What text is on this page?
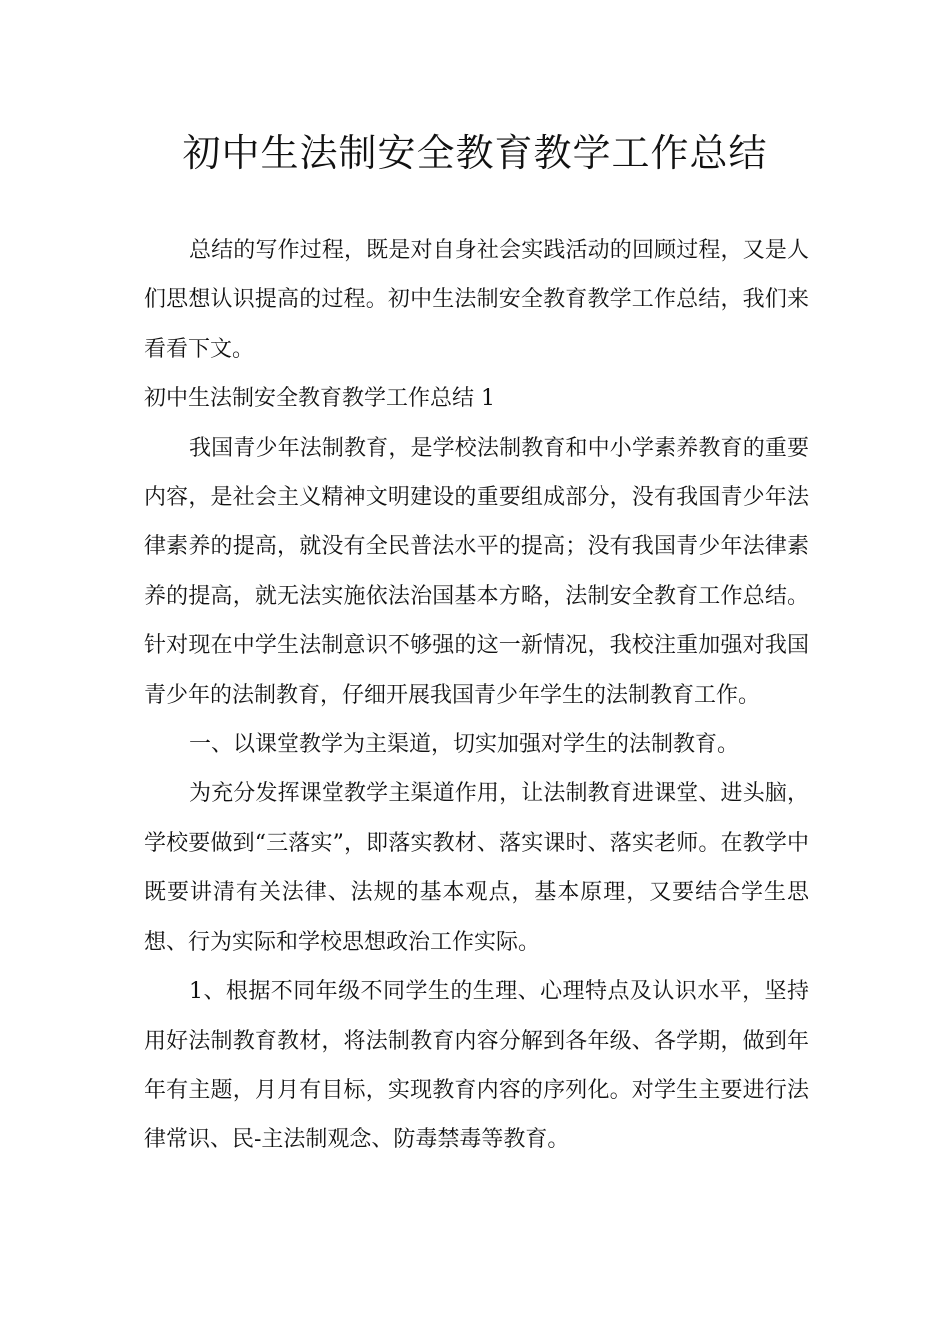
初中生法制安全教育教学工作总结

总结的写作过程，既是对自身社会实践活动的回顾过程，又是人们思想认识提高的过程。初中生法制安全教育教学工作总结，我们来看看下文。

初中生法制安全教育教学工作总结 1

我国青少年法制教育，是学校法制教育和中小学素养教育的重要内容，是社会主义精神文明建设的重要组成部分，没有我国青少年法律素养的提高，就没有全民普法水平的提高；没有我国青少年法律素养的提高，就无法实施依法治国基本方略，法制安全教育工作总结。针对现在中学生法制意识不够强的这一新情况，我校注重加强对我国青少年的法制教育，仔细开展我国青少年学生的法制教育工作。

一、以课堂教学为主渠道，切实加强对学生的法制教育。

为充分发挥课堂教学主渠道作用，让法制教育进课堂、进头脑，学校要做到“三落实”，即落实教材、落实课时、落实老师。在教学中既要讲清有关法律、法规的基本观点，基本原理，又要结合学生思想、行为实际和学校思想政治工作实际。

1、根据不同年级不同学生的生理、心理特点及认识水平，坚持用好法制教育教材，将法制教育内容分解到各年级、各学期，做到年年有主题，月月有目标，实现教育内容的序列化。对学生主要进行法律常识、民-主法制观念、防毒禁毒等教育。
